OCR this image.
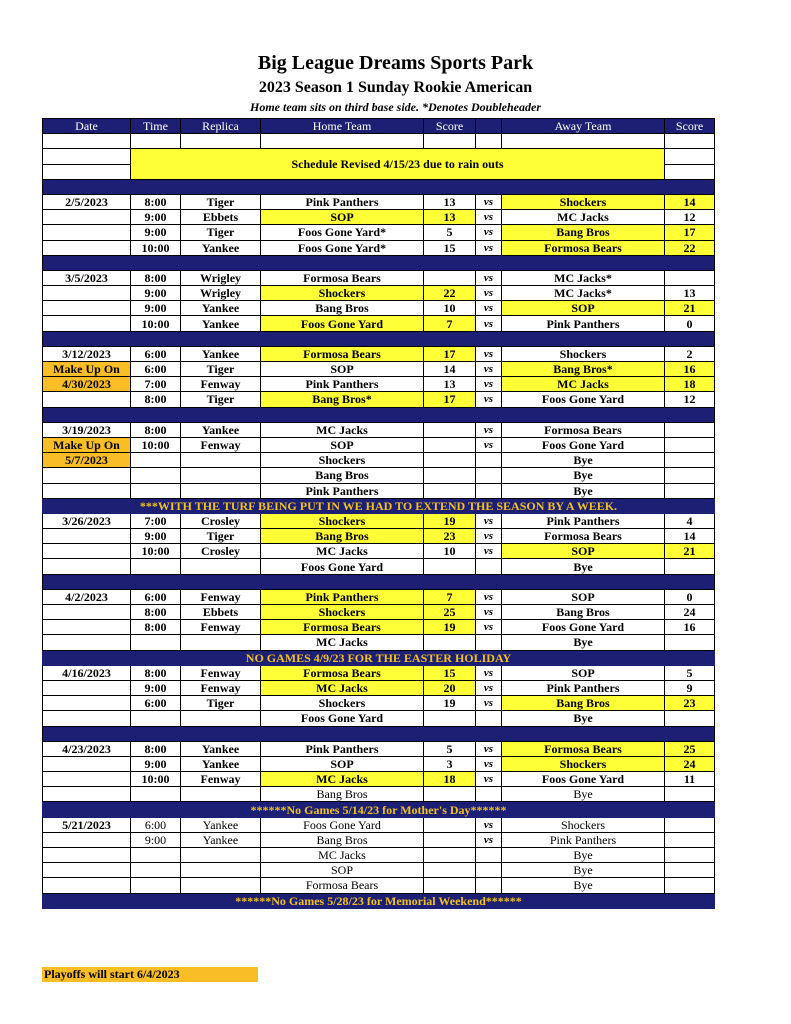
Big League Dreams Sports Park
2023 Season 1 Sunday Rookie American
Home team sits on third base side. *Denotes Doubleheader
Date	Time	Replica	Home Team	Score		Away Team	Score

	Schedule Revised 4/15/23 due to rain outs						

2/5/2023	8:00	Tiger	Pink Panthers	13	vs	Shockers	14
	9:00	Ebbets	SOP	13	vs	MC Jacks	12
	9:00	Tiger	Foos Gone Yard*	5	vs	Bang Bros	17
	10:00	Yankee	Foos Gone Yard*	15	vs	Formosa Bears	22

3/5/2023	8:00	Wrigley	Formosa Bears		vs	MC Jacks*	
	9:00	Wrigley	Shockers	22	vs	MC Jacks*	13
	9:00	Yankee	Bang Bros	10	vs	SOP	21
	10:00	Yankee	Foos Gone Yard	7	vs	Pink Panthers	0

3/12/2023	6:00	Yankee	Formosa Bears	17	vs	Shockers	2
Make Up On	6:00	Tiger	SOP	14	vs	Bang Bros*	16
4/30/2023	7:00	Fenway	Pink Panthers	13	vs	MC Jacks	18
	8:00	Tiger	Bang Bros*	17	vs	Foos Gone Yard	12

3/19/2023	8:00	Yankee	MC Jacks		vs	Formosa Bears	
Make Up On	10:00	Fenway	SOP		vs	Foos Gone Yard	
5/7/2023			Shockers			Bye	
			Bang Bros			Bye	
			Pink Panthers			Bye	
***WITH THE TURF BEING PUT IN WE HAD TO EXTEND THE SEASON BY A WEEK.							
3/26/2023	7:00	Crosley	Shockers	19	vs	Pink Panthers	4
	9:00	Tiger	Bang Bros	23	vs	Formosa Bears	14
	10:00	Crosley	MC Jacks	10	vs	SOP	21
			Foos Gone Yard			Bye	

4/2/2023	6:00	Fenway	Pink Panthers	7	vs	SOP	0
	8:00	Ebbets	Shockers	25	vs	Bang Bros	24
	8:00	Fenway	Formosa Bears	19	vs	Foos Gone Yard	16
			MC Jacks			Bye	
NO GAMES 4/9/23 FOR THE EASTER HOLIDAY							
4/16/2023	8:00	Fenway	Formosa Bears	15	vs	SOP	5
	9:00	Fenway	MC Jacks	20	vs	Pink Panthers	9
	6:00	Tiger	Shockers	19	vs	Bang Bros	23
			Foos Gone Yard			Bye	

4/23/2023	8:00	Yankee	Pink Panthers	5	vs	Formosa Bears	25
	9:00	Yankee	SOP	3	vs	Shockers	24
	10:00	Fenway	MC Jacks	18	vs	Foos Gone Yard	11
			Bang Bros			Bye	
******No Games 5/14/23 for Mother's Day******							
5/21/2023	6:00	Yankee	Foos Gone Yard		vs	Shockers	
	9:00	Yankee	Bang Bros		vs	Pink Panthers	
			MC Jacks			Bye	
			SOP			Bye	
			Formosa Bears			Bye	
******No Games 5/28/23 for Memorial Weekend******							
Playoffs will start 6/4/2023
